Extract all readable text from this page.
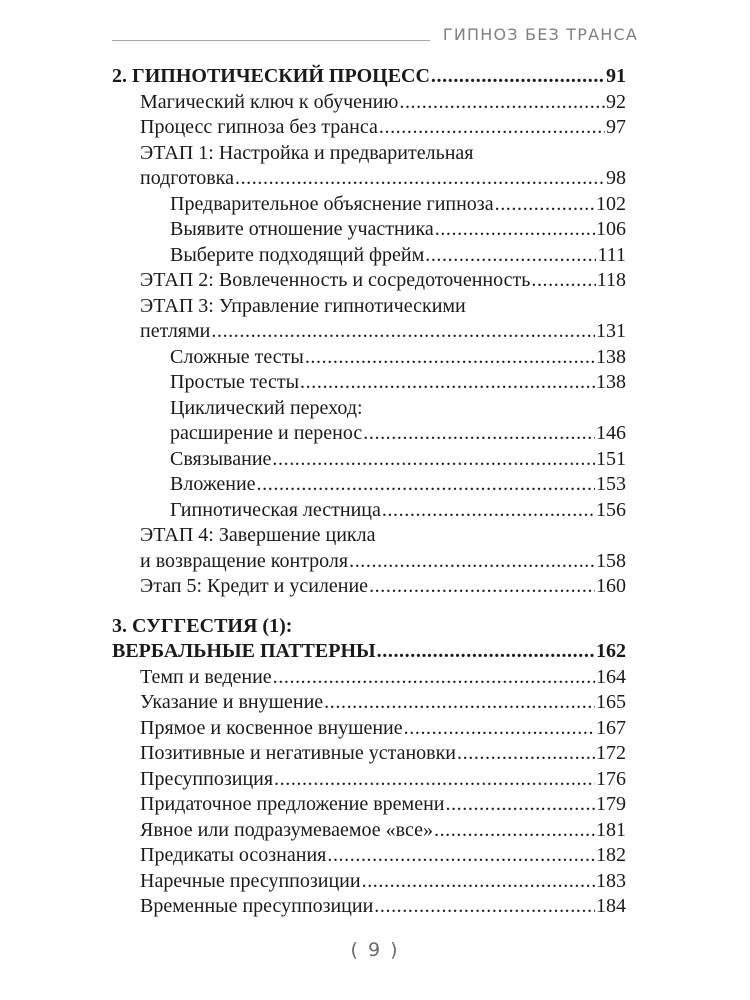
ГИПНОЗ БЕЗ ТРАНСА
2. ГИПНОТИЧЕСКИЙ ПРОЦЕСС .....	91
Магический ключ к обучению .....	92
Процесс гипноза без транса .....	97
ЭТАП 1: Настройка и предварительная
подготовка .....	98
Предварительное объяснение гипноза .....	102
Выявите отношение участника .....	106
Выберите подходящий фрейм .....	111
ЭТАП 2: Вовлеченность и сосредоточенность .....	118
ЭТАП 3: Управление гипнотическими
петлями .....	131
Сложные тесты .....	138
Простые тесты .....	138
Циклический переход:
расширение и перенос .....	146
Связывание .....	151
Вложение .....	153
Гипнотическая лестница .....	156
ЭТАП 4: Завершение цикла
и возвращение контроля .....	158
Этап 5: Кредит и усиление .....	160
3. СУГГЕСТИЯ (1):
ВЕРБАЛЬНЫЕ ПАТТЕРНЫ .....	162
Темп и ведение .....	164
Указание и внушение .....	165
Прямое и косвенное внушение .....	167
Позитивные и негативные установки .....	172
Пресуппозиция .....	176
Придаточное предложение времени .....	179
Явное или подразумеваемое «все» .....	181
Предикаты осознания .....	182
Наречные пресуппозиции .....	183
Временные пресуппозиции .....	184
( 9 )
